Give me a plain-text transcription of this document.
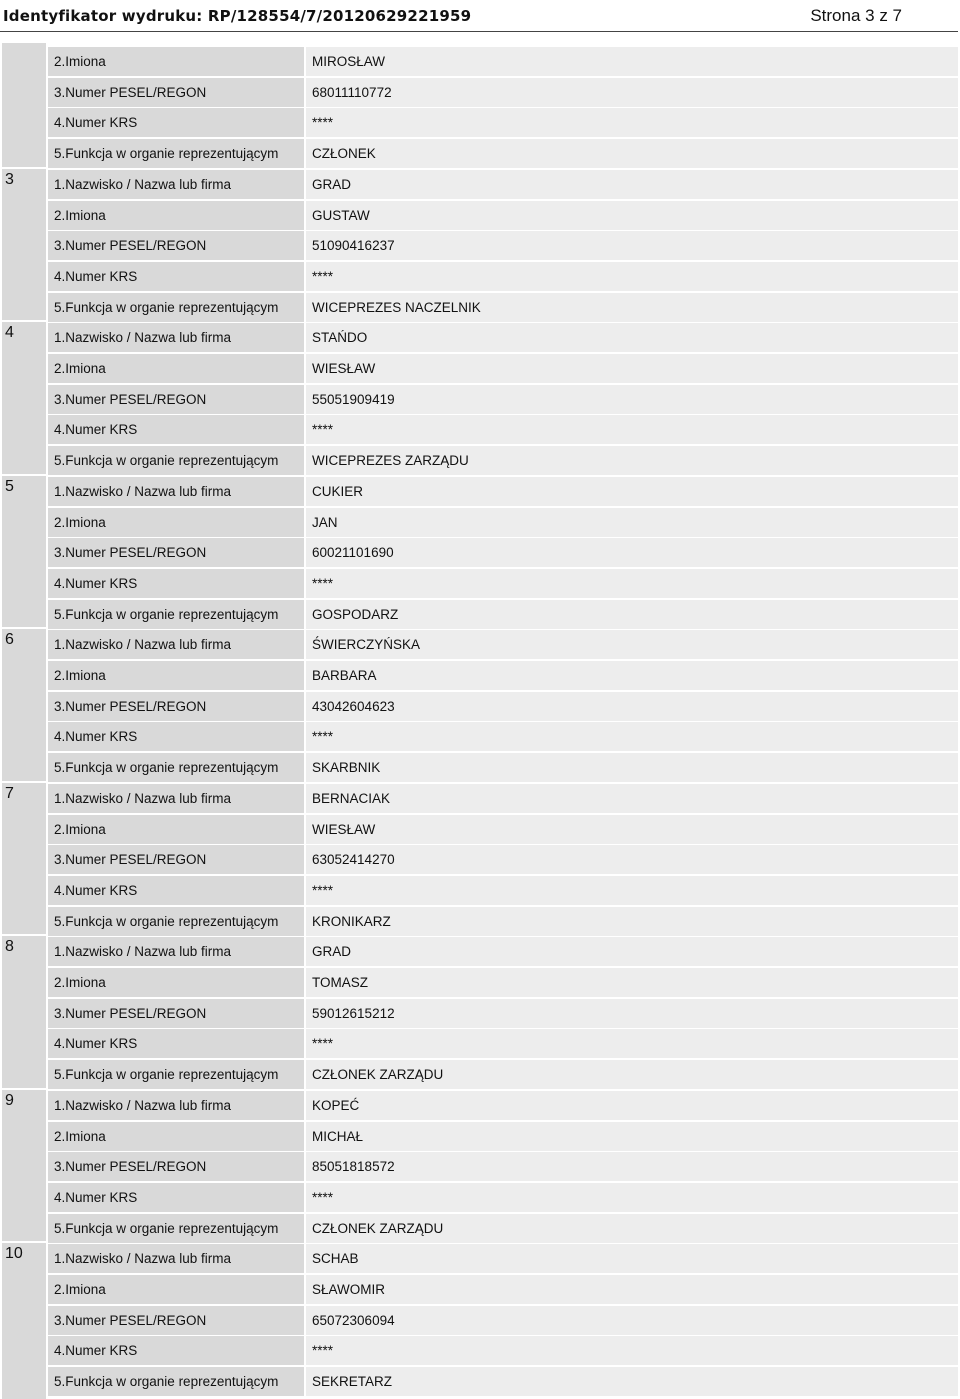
Identyfikator wydruku: RP/128554/7/20120629221959	Strona 3 z 7
2.Imiona	MIROSŁAW
3.Numer PESEL/REGON	68011110772
4.Numer KRS	****
5.Funkcja w organie reprezentującym	CZŁONEK
3	1.Nazwisko / Nazwa lub firma	GRAD
2.Imiona	GUSTAW
3.Numer PESEL/REGON	51090416237
4.Numer KRS	****
5.Funkcja w organie reprezentującym	WICEPREZES NACZELNIK
4	1.Nazwisko / Nazwa lub firma	STAŃDO
2.Imiona	WIESŁAW
3.Numer PESEL/REGON	55051909419
4.Numer KRS	****
5.Funkcja w organie reprezentującym	WICEPREZES ZARZĄDU
5	1.Nazwisko / Nazwa lub firma	CUKIER
2.Imiona	JAN
3.Numer PESEL/REGON	60021101690
4.Numer KRS	****
5.Funkcja w organie reprezentującym	GOSPODARZ
6	1.Nazwisko / Nazwa lub firma	ŚWIERCZYŃSKA
2.Imiona	BARBARA
3.Numer PESEL/REGON	43042604623
4.Numer KRS	****
5.Funkcja w organie reprezentującym	SKARBNIK
7	1.Nazwisko / Nazwa lub firma	BERNACIAK
2.Imiona	WIESŁAW
3.Numer PESEL/REGON	63052414270
4.Numer KRS	****
5.Funkcja w organie reprezentującym	KRONIKARZ
8	1.Nazwisko / Nazwa lub firma	GRAD
2.Imiona	TOMASZ
3.Numer PESEL/REGON	59012615212
4.Numer KRS	****
5.Funkcja w organie reprezentującym	CZŁONEK ZARZĄDU
9	1.Nazwisko / Nazwa lub firma	KOPEĆ
2.Imiona	MICHAŁ
3.Numer PESEL/REGON	85051818572
4.Numer KRS	****
5.Funkcja w organie reprezentującym	CZŁONEK ZARZĄDU
10	1.Nazwisko / Nazwa lub firma	SCHAB
2.Imiona	SŁAWOMIR
3.Numer PESEL/REGON	65072306094
4.Numer KRS	****
5.Funkcja w organie reprezentującym	SEKRETARZ
